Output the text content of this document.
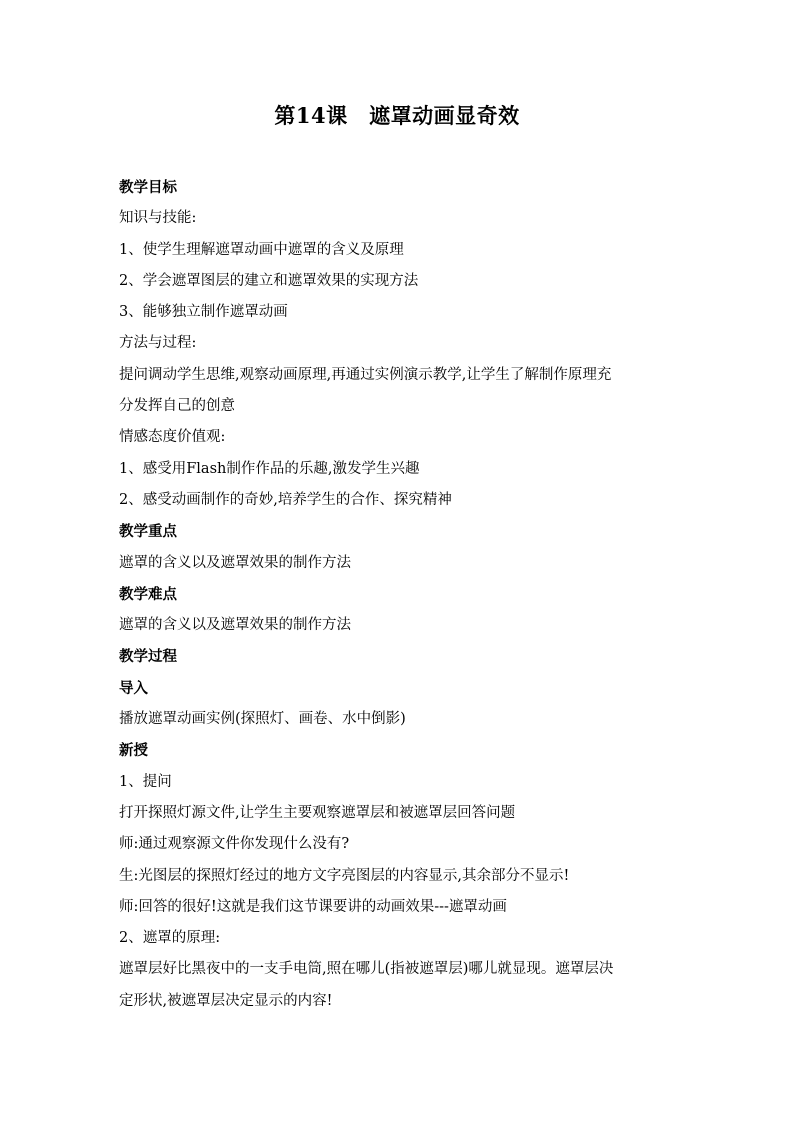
第14课　遮罩动画显奇效
教学目标
知识与技能:
1、使学生理解遮罩动画中遮罩的含义及原理
2、学会遮罩图层的建立和遮罩效果的实现方法
3、能够独立制作遮罩动画
方法与过程:
提问调动学生思维,观察动画原理,再通过实例演示教学,让学生了解制作原理充
分发挥自己的创意
情感态度价值观:
1、感受用Flash制作作品的乐趣,激发学生兴趣
2、感受动画制作的奇妙,培养学生的合作、探究精神
教学重点
遮罩的含义以及遮罩效果的制作方法
教学难点
遮罩的含义以及遮罩效果的制作方法
教学过程
导入
播放遮罩动画实例(探照灯、画卷、水中倒影)
新授
1、提问
打开探照灯源文件,让学生主要观察遮罩层和被遮罩层回答问题
师:通过观察源文件你发现什么没有?
生:光图层的探照灯经过的地方文字亮图层的内容显示,其余部分不显示!
师:回答的很好!这就是我们这节课要讲的动画效果---遮罩动画
2、遮罩的原理:
遮罩层好比黑夜中的一支手电筒,照在哪儿(指被遮罩层)哪儿就显现。遮罩层决
定形状,被遮罩层决定显示的内容!
